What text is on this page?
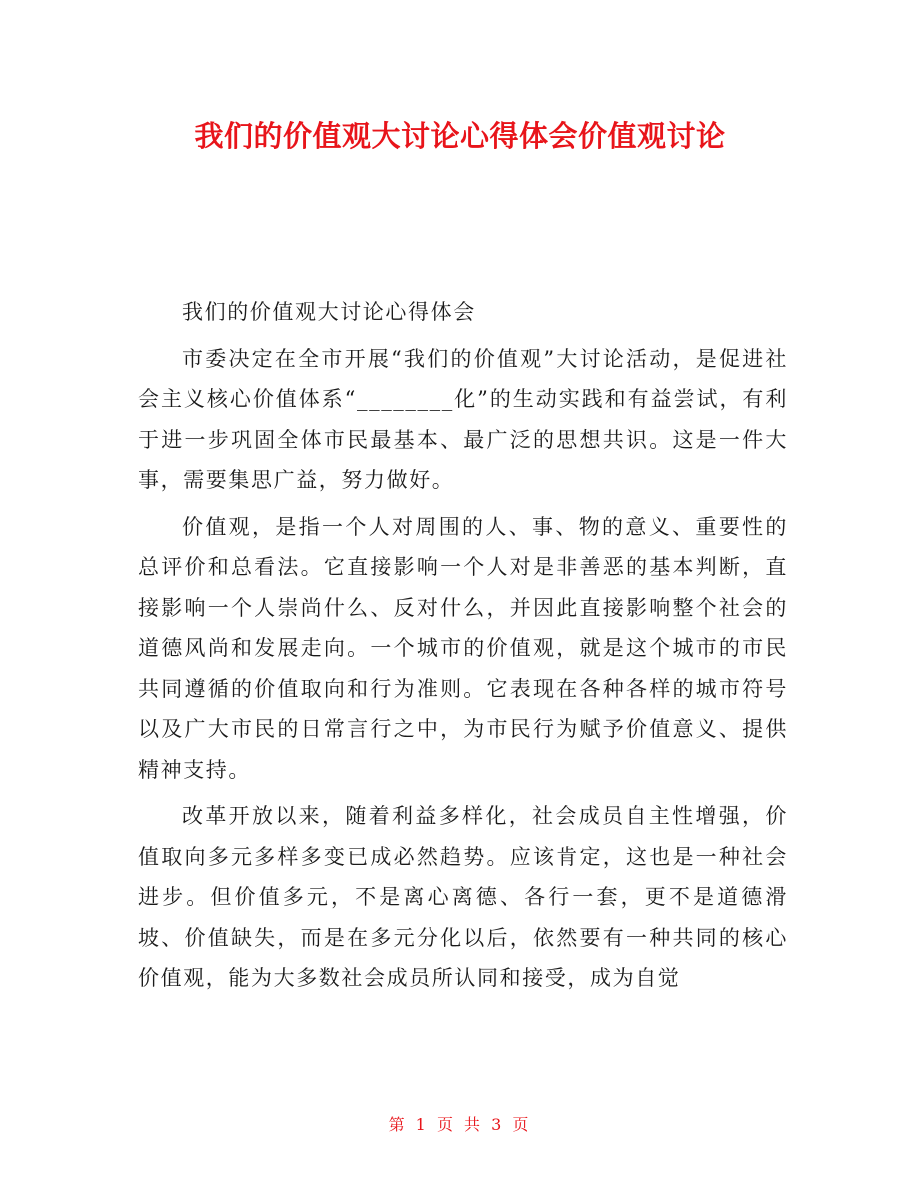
我们的价值观大讨论心得体会价值观讨论

我们的价值观大讨论心得体会

市委决定在全市开展“我们的价值观”大讨论活动，是促进社会主义核心价值体系“________化”的生动实践和有益尝试，有利于进一步巩固全体市民最基本、最广泛的思想共识。这是一件大事，需要集思广益，努力做好。

价值观，是指一个人对周围的人、事、物的意义、重要性的总评价和总看法。它直接影响一个人对是非善恶的基本判断，直接影响一个人崇尚什么、反对什么，并因此直接影响整个社会的道德风尚和发展走向。一个城市的价值观，就是这个城市的市民共同遵循的价值取向和行为准则。它表现在各种各样的城市符号以及广大市民的日常言行之中，为市民行为赋予价值意义、提供精神支持。

改革开放以来，随着利益多样化，社会成员自主性增强，价值取向多元多样多变已成必然趋势。应该肯定，这也是一种社会进步。但价值多元，不是离心离德、各行一套，更不是道德滑坡、价值缺失，而是在多元分化以后，依然要有一种共同的核心价值观，能为大多数社会成员所认同和接受，成为自觉

第 1 页 共 3 页
